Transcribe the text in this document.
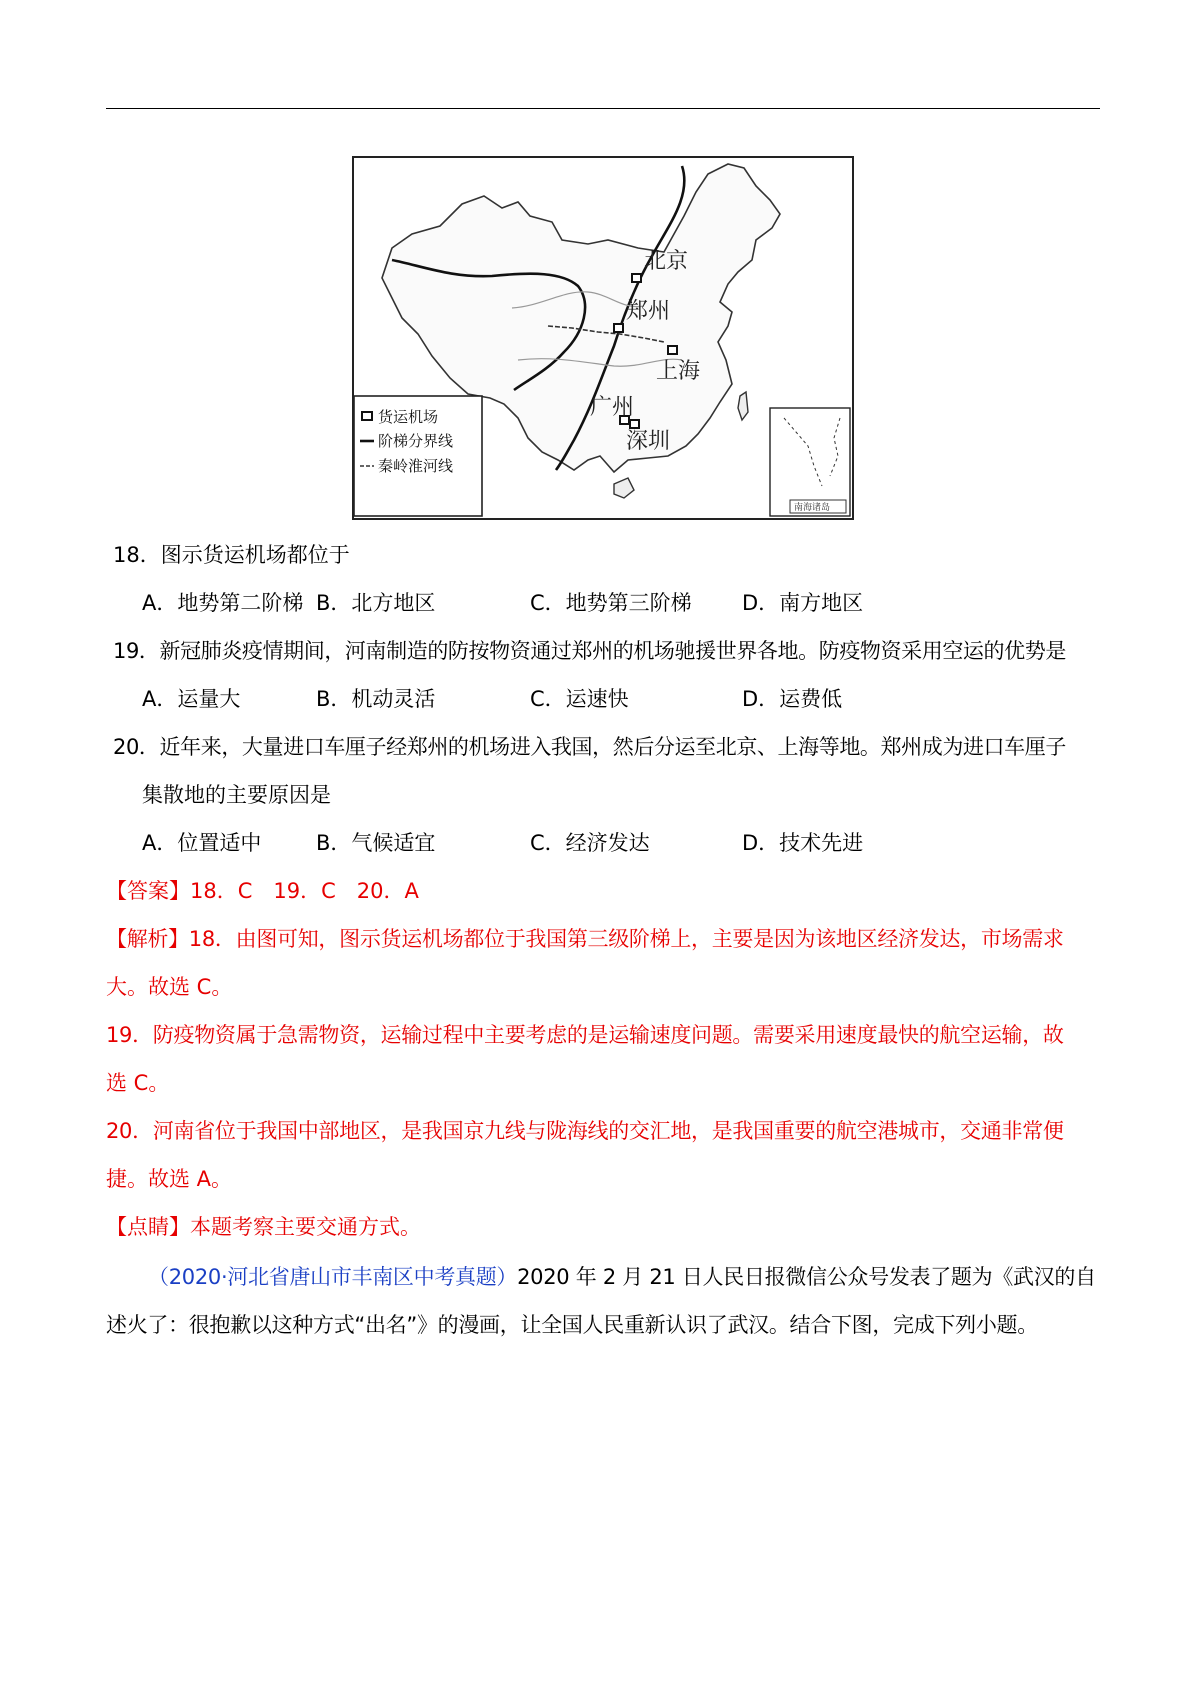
北京
郑州
上海
广州
深圳
货运机场
阶梯分界线
秦岭淮河线
南海诸岛
18．图示货运机场都位于
A．地势第二阶梯 B．北方地区	C．地势第三阶梯 D．南方地区
19．新冠肺炎疫情期间，河南制造的防按物资通过郑州的机场驰援世界各地。防疫物资采用空运的优势是
A．运量大	B．机动灵活	C．运速快	D．运费低
20．近年来，大量进口车厘子经郑州的机场进入我国，然后分运至北京、上海等地。郑州成为进口车厘子
集散地的主要原因是
A．位置适中	B．气候适宜	C．经济发达	D．技术先进
【答案】18．C　19．C　20．A
【解析】18．由图可知，图示货运机场都位于我国第三级阶梯上，主要是因为该地区经济发达，市场需求
大。故选 C。
19．防疫物资属于急需物资，运输过程中主要考虑的是运输速度问题。需要采用速度最快的航空运输，故
选 C。
20．河南省位于我国中部地区，是我国京九线与陇海线的交汇地，是我国重要的航空港城市，交通非常便
捷。故选 A。
【点睛】本题考察主要交通方式。
（2020·河北省唐山市丰南区中考真题）2020 年 2 月 21 日人民日报微信公众号发表了题为《武汉的自
述火了：很抱歉以这种方式“出名”》的漫画，让全国人民重新认识了武汉。结合下图，完成下列小题。
